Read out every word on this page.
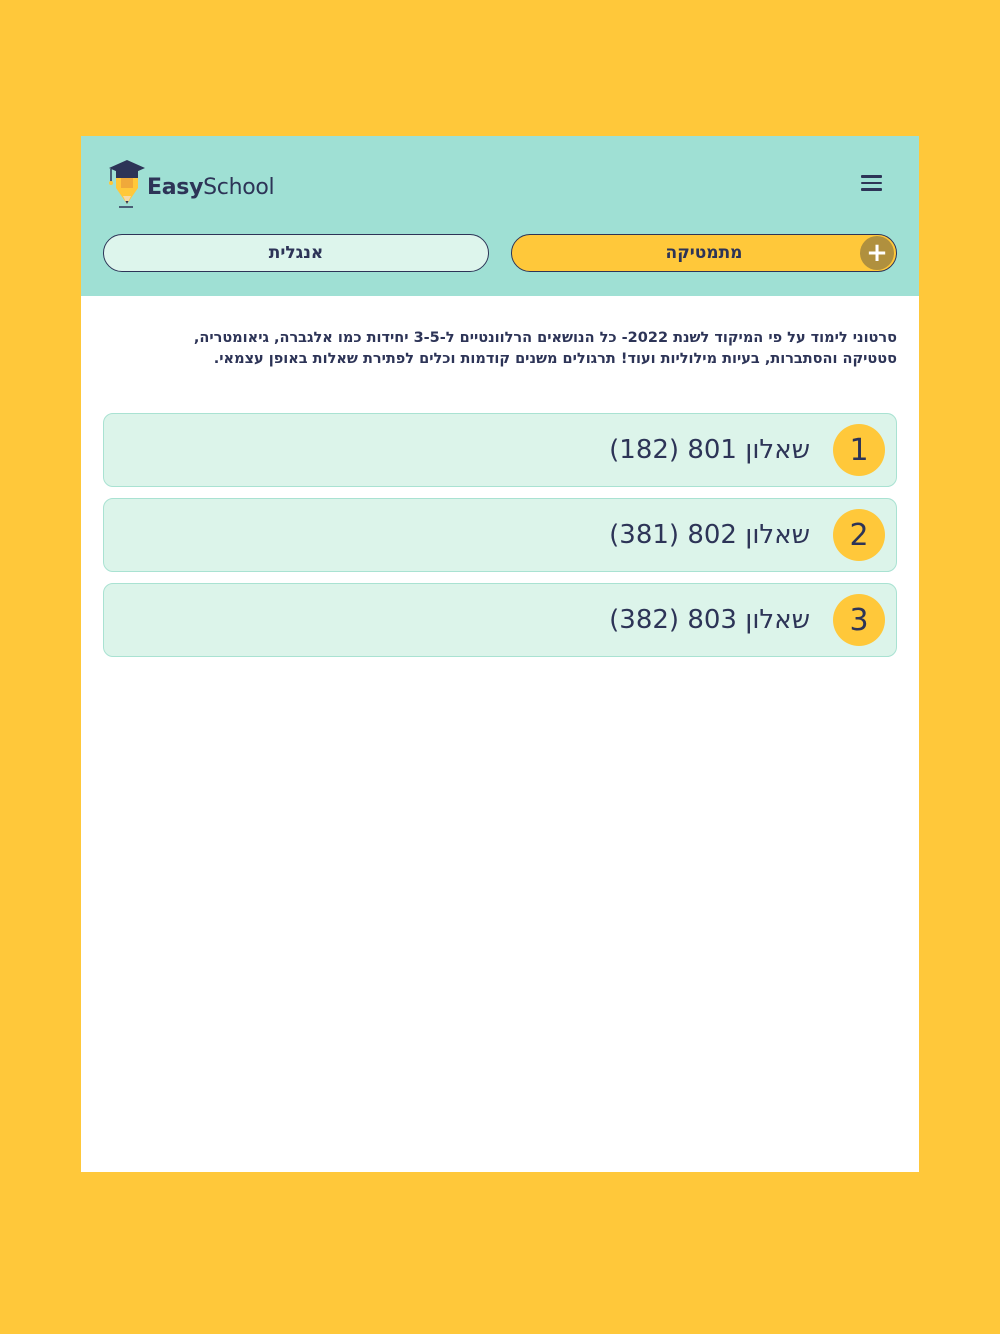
EasySchool
אנגלית	מתמטיקה	+

סרטוני לימוד על פי המיקוד לשנת 2022- כל הנושאים הרלוונטיים ל-3-5 יחידות כמו אלגברה, גיאומטריה, סטטיקה והסתברות, בעיות מילוליות ועוד! תרגולים משנים קודמות וכלים לפתירת שאלות באופן עצמאי.

1
שאלון 801 (182)
2
שאלון 802 (381)
3
שאלון 803 (382)
